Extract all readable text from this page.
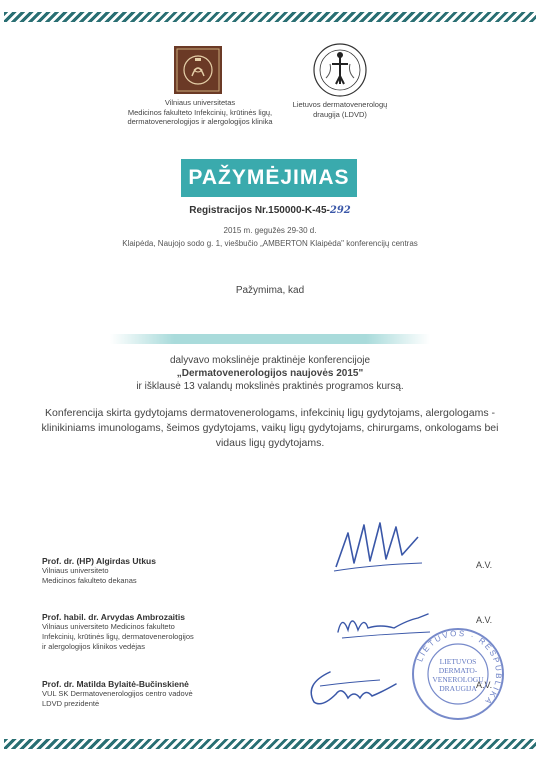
Vilniaus universitetas
Medicinos fakulteto Infekcinių, krūtinės ligų,
dermatovenerologijos ir alergologijos klinika
Lietuvos dermatovenerologų
draugija (LDVD)
PAŽYMĖJIMAS
Registracijos Nr.150000-K-45-292
2015 m. gegužės 29-30 d.
Klaipėda, Naujojo sodo g. 1, viešbučio „AMBERTON Klaipėda" konferencijų centras
Pažymima, kad
dalyvavo mokslinėje praktinėje konferencijoje
„Dermatovenerologijos naujovės 2015"
ir išklausė 13 valandų mokslinės praktinės programos kursą.
Konferencija skirta gydytojams dermatovenerologams, infekcinių ligų gydytojams, alergologams - klinikiniams imunologams, šeimos gydytojams, vaikų ligų gydytojams, chirurgams, onkologams bei vidaus ligų gydytojams.
Prof. dr. (HP) Algirdas Utkus
Vilniaus universiteto
Medicinos fakulteto dekanas
A.V.
Prof. habil. dr. Arvydas Ambrozaitis
Vilniaus universiteto Medicinos fakulteto
Infekcinių, krūtinės ligų, dermatovenerologijos
ir alergologijos klinikos vedėjas
A.V.
Prof. dr. Matilda Bylaitė-Bučinskienė
VUL SK Dermatovenerologijos centro vadovė
LDVD prezidentė
A.V.
LIETUVOS · RESPUBLIKA
LIETUVOS DERMATO- VENEROLOGŲ DRAUGIJA
